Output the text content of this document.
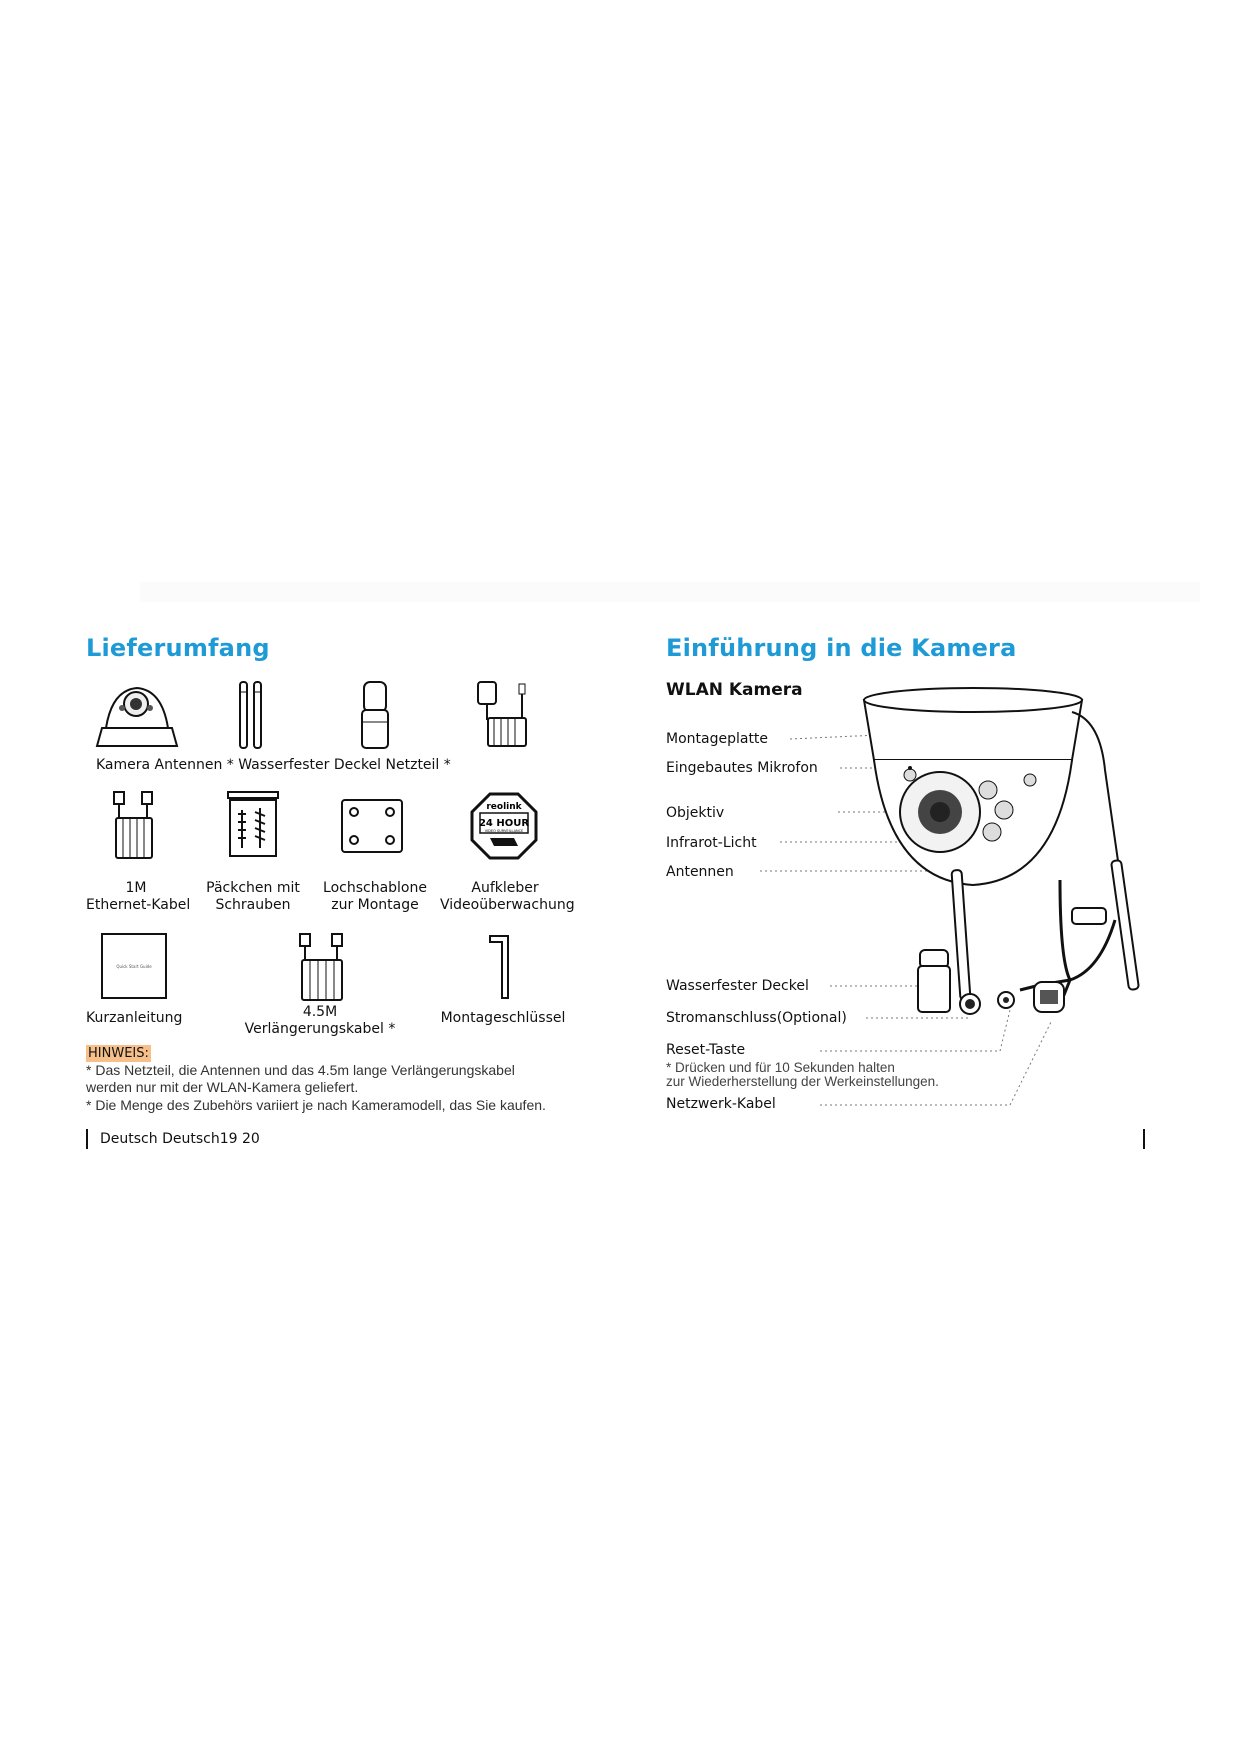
Lieferumfang
Kamera Antennen * Wasserfester Deckel Netzteil *
reolink
24 HOUR
VIDEO SURVEILLANCE
1M
Ethernet-Kabel
Päckchen mit
Schrauben
Lochschablone
zur Montage
Aufkleber
Videoüberwachung
Quick Start Guide
Kurzanleitung	4.5M
Verlängerungskabel *
Montageschlüssel
HINWEIS:
* Das Netzteil, die Antennen und das 4.5m lange Verlängerungskabel
werden nur mit der WLAN-Kamera geliefert.
* Die Menge des Zubehörs variiert je nach Kameramodell, das Sie kaufen.
Deutsch Deutsch19 20
Einführung in die Kamera
WLAN Kamera
Montageplatte
Eingebautes Mikrofon
Objektiv
Infrarot-Licht
Antennen
Wasserfester Deckel
Stromanschluss(Optional)
Reset-Taste
* Drücken und für 10 Sekunden halten
zur Wiederherstellung der Werkeinstellungen.
Netzwerk-Kabel
